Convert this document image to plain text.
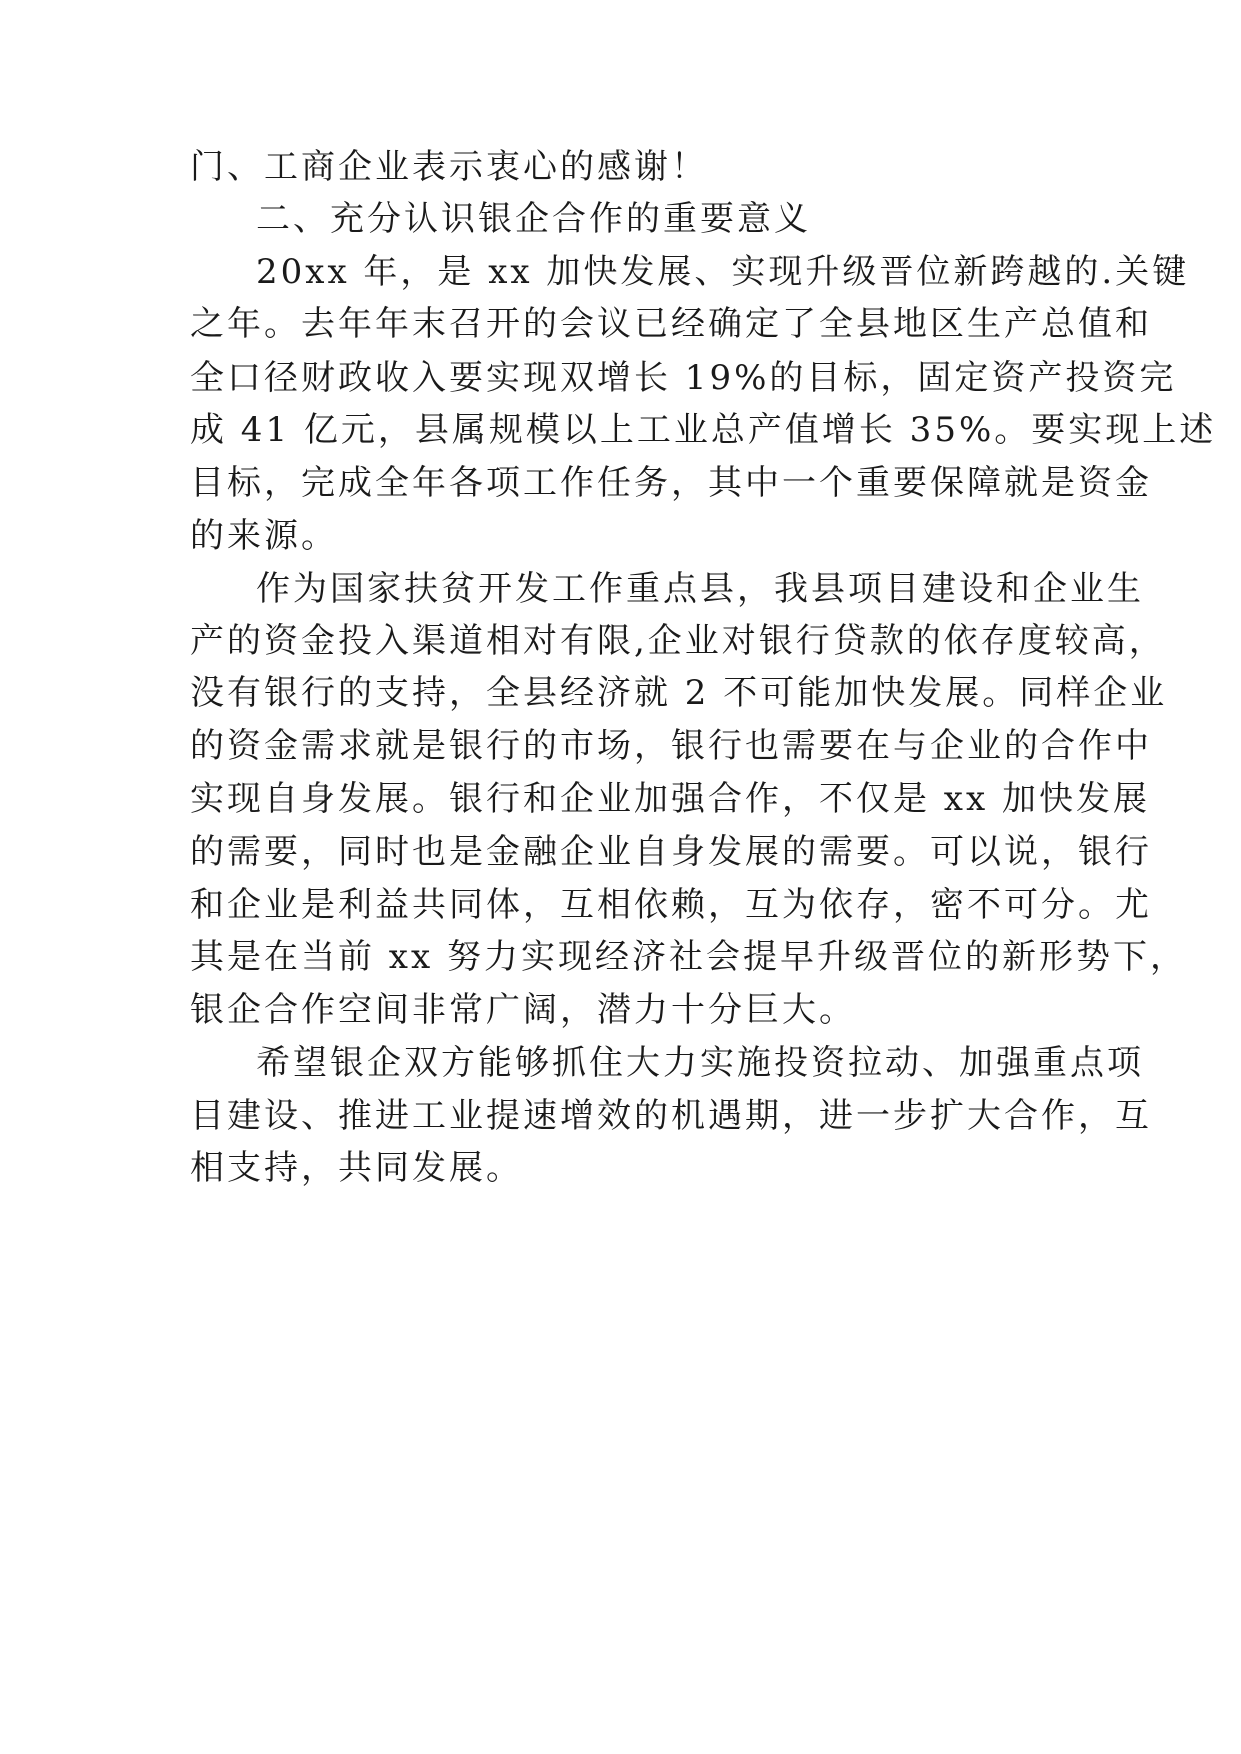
门、工商企业表示衷心的感谢！
二、充分认识银企合作的重要意义
20xx 年，是 xx 加快发展、实现升级晋位新跨越的.关键
之年。去年年末召开的会议已经确定了全县地区生产总值和
全口径财政收入要实现双增长 19%的目标，固定资产投资完
成 41 亿元，县属规模以上工业总产值增长 35%。要实现上述
目标，完成全年各项工作任务，其中一个重要保障就是资金
的来源。
作为国家扶贫开发工作重点县，我县项目建设和企业生
产的资金投入渠道相对有限,企业对银行贷款的依存度较高，
没有银行的支持，全县经济就 2 不可能加快发展。同样企业
的资金需求就是银行的市场，银行也需要在与企业的合作中
实现自身发展。银行和企业加强合作，不仅是 xx 加快发展
的需要，同时也是金融企业自身发展的需要。可以说，银行
和企业是利益共同体，互相依赖，互为依存，密不可分。尤
其是在当前 xx 努力实现经济社会提早升级晋位的新形势下，
银企合作空间非常广阔，潜力十分巨大。
希望银企双方能够抓住大力实施投资拉动、加强重点项
目建设、推进工业提速增效的机遇期，进一步扩大合作，互
相支持，共同发展。
